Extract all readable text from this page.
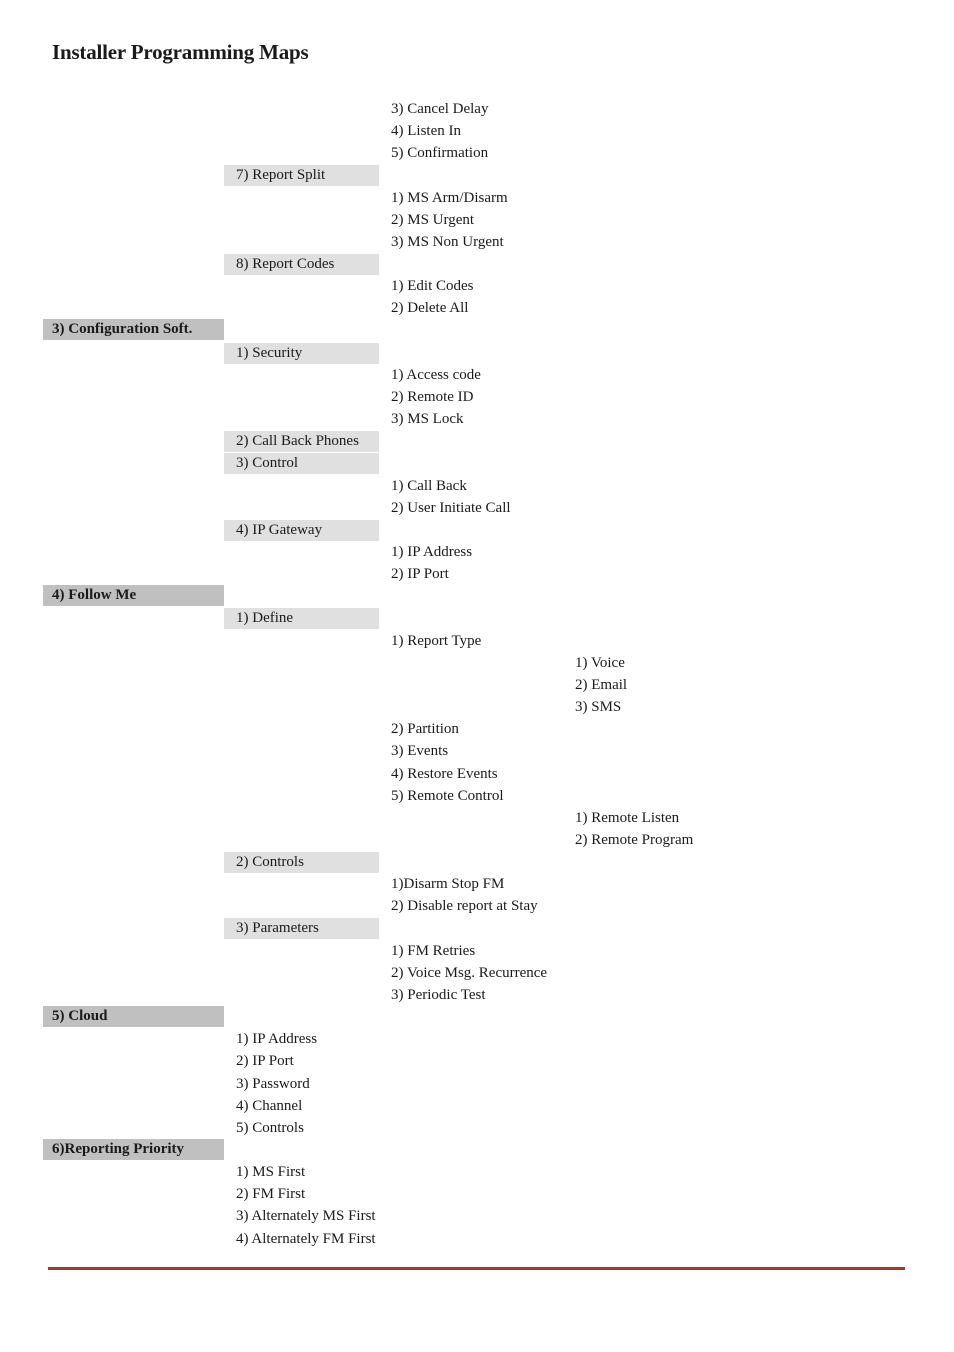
Installer Programming Maps
3) Cancel Delay
4) Listen In
5) Confirmation
7) Report Split
1) MS Arm/Disarm
2) MS Urgent
3) MS Non Urgent
8) Report Codes
1) Edit Codes
2) Delete All
3) Configuration Soft.
1) Security
1) Access code
2) Remote ID
3) MS Lock
2) Call Back Phones
3) Control
1) Call Back
2) User Initiate Call
4) IP Gateway
1) IP Address
2) IP Port
4) Follow Me
1) Define
1) Report Type
1) Voice
2) Email
3) SMS
2) Partition
3) Events
4) Restore Events
5) Remote Control
1) Remote Listen
2) Remote Program
2) Controls
1)Disarm Stop FM
2) Disable report at Stay
3) Parameters
1) FM Retries
2) Voice Msg. Recurrence
3) Periodic Test
5) Cloud
1) IP Address
2) IP Port
3) Password
4) Channel
5) Controls
6)Reporting Priority
1) MS First
2) FM First
3) Alternately MS First
4) Alternately FM First
